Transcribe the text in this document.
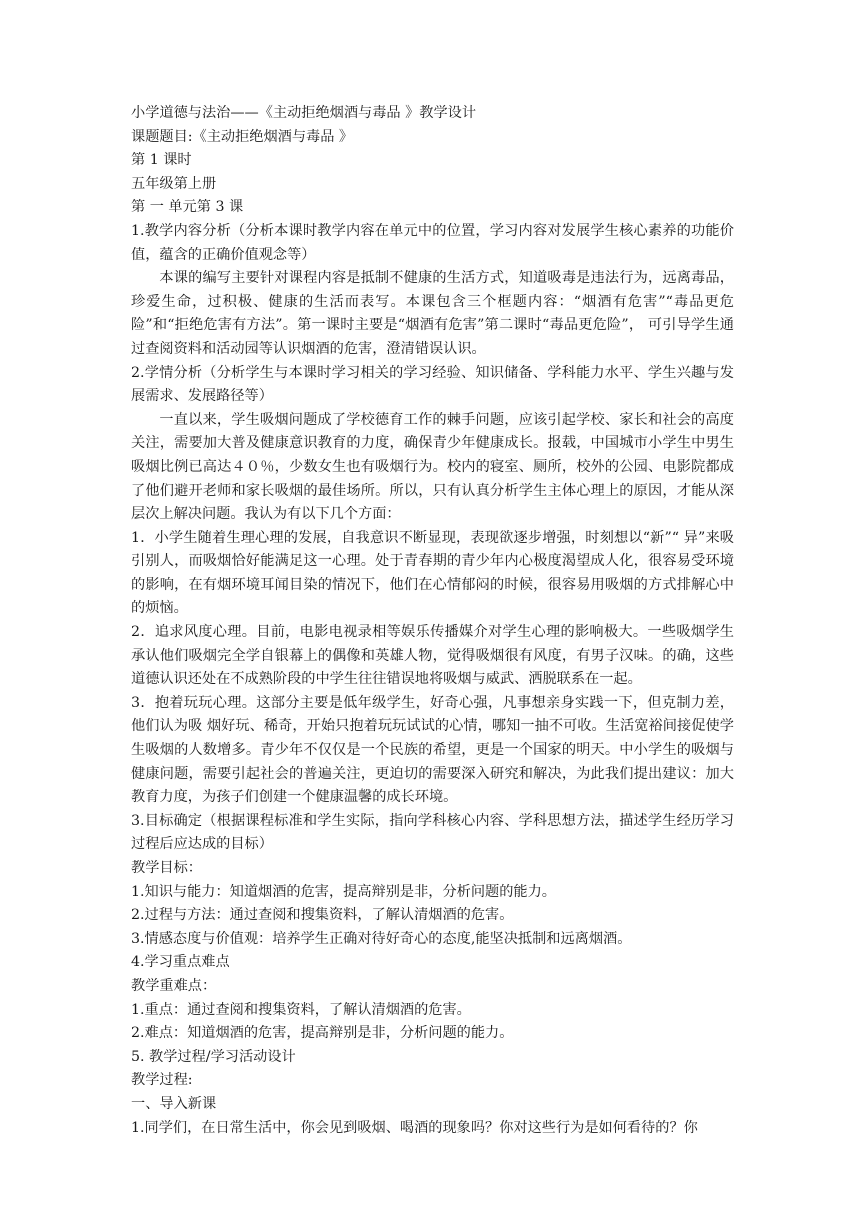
小学道德与法治——《主动拒绝烟酒与毒品 》教学设计

课题题目:《主动拒绝烟酒与毒品 》

第 1 课时

五年级第上册

第 一 单元第 3 课

1.教学内容分析（分析本课时教学内容在单元中的位置，学习内容对发展学生核心素养的功能价值，蕴含的正确价值观念等）

本课的编写主要针对课程内容是抵制不健康的生活方式，知道吸毒是违法行为，远离毒品，珍爱生命，过积极、健康的生活而表写。本课包含三个框题内容：“烟酒有危害”“毒品更危险”和“拒绝危害有方法”。第一课时主要是“烟酒有危害”第二课时“毒品更危险”， 可引导学生通过查阅资料和活动园等认识烟酒的危害，澄清错误认识。

2.学情分析（分析学生与本课时学习相关的学习经验、知识储备、学科能力水平、学生兴趣与发展需求、发展路径等）

一直以来，学生吸烟问题成了学校德育工作的棘手问题，应该引起学校、家长和社会的高度关注，需要加大普及健康意识教育的力度，确保青少年健康成长。报载，中国城市小学生中男生吸烟比例已高达４０％，少数女生也有吸烟行为。校内的寝室、厕所，校外的公园、电影院都成了他们避开老师和家长吸烟的最佳场所。所以，只有认真分析学生主体心理上的原因，才能从深层次上解决问题。我认为有以下几个方面：

1．小学生随着生理心理的发展，自我意识不断显现，表现欲逐步增强，时刻想以“新”“ 异”来吸引别人，而吸烟恰好能满足这一心理。处于青春期的青少年内心极度渴望成人化，很容易受环境的影响，在有烟环境耳闻目染的情况下，他们在心情郁闷的时候，很容易用吸烟的方式排解心中的烦恼。

2．追求风度心理。目前，电影电视录相等娱乐传播媒介对学生心理的影响极大。一些吸烟学生承认他们吸烟完全学自银幕上的偶像和英雄人物，觉得吸烟很有风度，有男子汉味。的确，这些道德认识还处在不成熟阶段的中学生往往错误地将吸烟与威武、洒脱联系在一起。

3．抱着玩玩心理。这部分主要是低年级学生，好奇心强，凡事想亲身实践一下，但克制力差，他们认为吸 烟好玩、稀奇，开始只抱着玩玩试试的心情，哪知一抽不可收。生活宽裕间接促使学生吸烟的人数增多。青少年不仅仅是一个民族的希望，更是一个国家的明天。中小学生的吸烟与健康问题，需要引起社会的普遍关注，更迫切的需要深入研究和解决，为此我们提出建议：加大教育力度，为孩子们创建一个健康温馨的成长环境。

3.目标确定（根据课程标准和学生实际，指向学科核心内容、学科思想方法，描述学生经历学习过程后应达成的目标）

教学目标：

1.知识与能力：知道烟酒的危害，提高辩别是非，分析问题的能力。

2.过程与方法：通过查阅和搜集资料，了解认清烟酒的危害。

3.情感态度与价值观：培养学生正确对待好奇心的态度,能坚决抵制和远离烟酒。

4.学习重点难点

教学重难点：

1.重点：通过查阅和搜集资料，了解认清烟酒的危害。

2.难点：知道烟酒的危害，提高辩别是非，分析问题的能力。

5. 教学过程/学习活动设计

教学过程:

一、导入新课

1.同学们，在日常生活中，你会见到吸烟、喝酒的现象吗？你对这些行为是如何看待的？你
